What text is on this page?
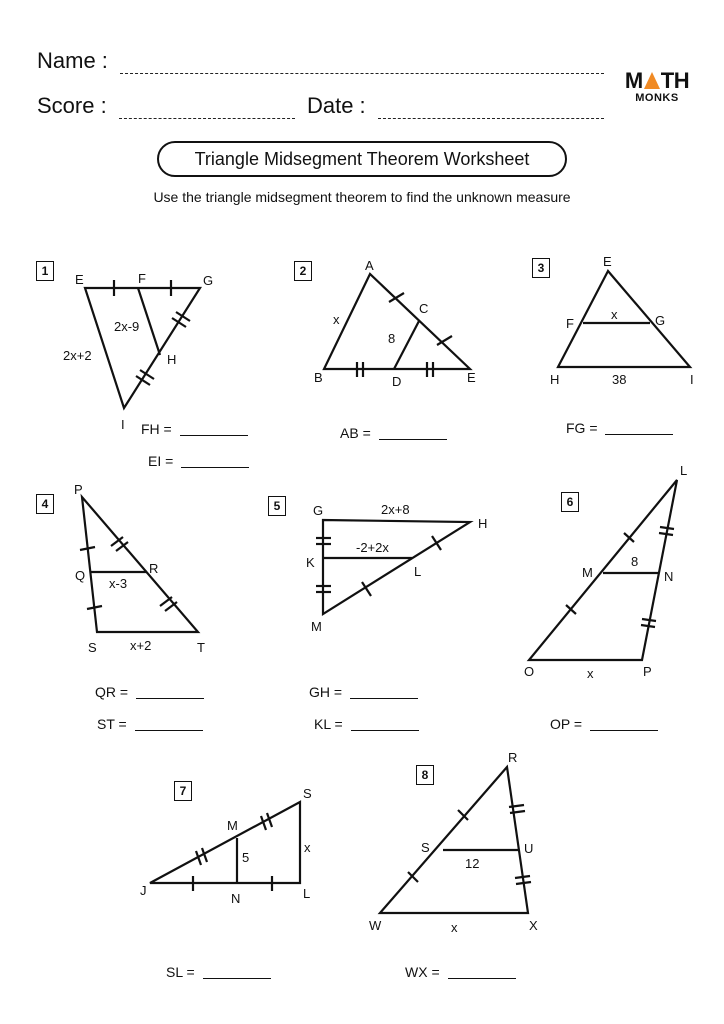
Name :
Score :	Date :
M TH
MONKS
Triangle Midsegment Theorem Worksheet
Use the triangle midsegment theorem to find the unknown measure
1	2	3
4	5	6
7
8
FH =
EI =
AB =	FG =
QR =
ST =
GH =
KL =	OP =
SL =	WX =
E	F	G
H
I
2x-9
2x+2
A
B
C
D	E
x
8
E
F	G
H	I
x
38
P
Q	R
S	T
x-3
x+2
G
H
K
L
M
2x+8
-2+2x
L
M	N
O	P
8
x
S
J
M
N	L
5
x
R
S	U
W	X
12
x
